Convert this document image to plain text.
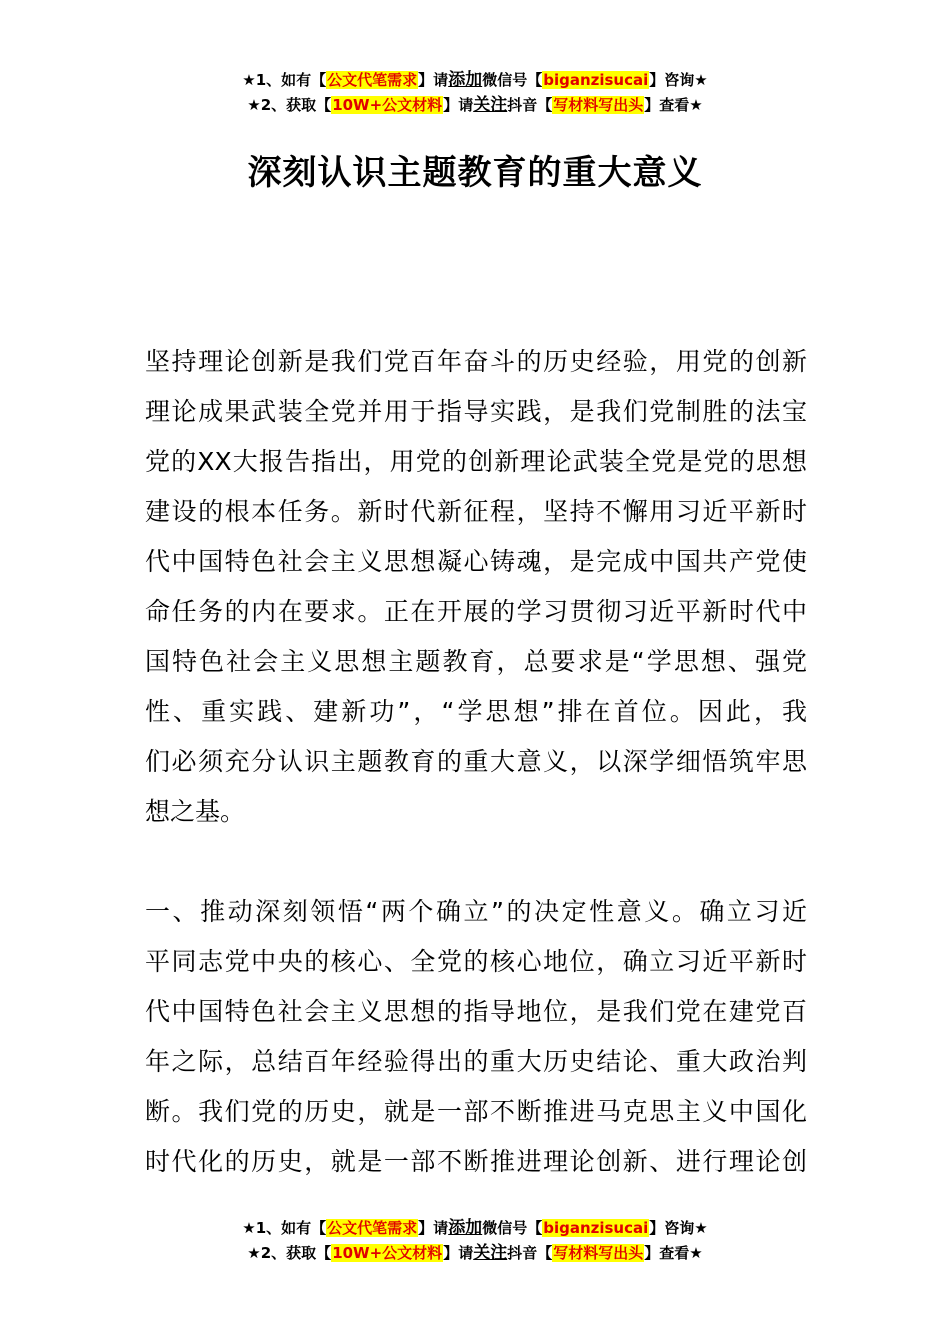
★1、如有【公文代笔需求】请添加微信号【biganzisucai】咨询★
★2、获取【10W+公文材料】请关注抖音【写材料写出头】查看★
深刻认识主题教育的重大意义
坚持理论创新是我们党百年奋斗的历史经验，用党的创新
理论成果武装全党并用于指导实践，是我们党制胜的法宝
党的XX大报告指出，用党的创新理论武装全党是党的思想
建设的根本任务。新时代新征程，坚持不懈用习近平新时
代中国特色社会主义思想凝心铸魂，是完成中国共产党使
命任务的内在要求。正在开展的学习贯彻习近平新时代中
国特色社会主义思想主题教育，总要求是“学思想、强党
性、重实践、建新功”，“学思想”排在首位。因此，我
们必须充分认识主题教育的重大意义，以深学细悟筑牢思
想之基。
一、推动深刻领悟“两个确立”的决定性意义。确立习近
平同志党中央的核心、全党的核心地位，确立习近平新时
代中国特色社会主义思想的指导地位，是我们党在建党百
年之际，总结百年经验得出的重大历史结论、重大政治判
断。我们党的历史，就是一部不断推进马克思主义中国化
时代化的历史，就是一部不断推进理论创新、进行理论创
★1、如有【公文代笔需求】请添加微信号【biganzisucai】咨询★
★2、获取【10W+公文材料】请关注抖音【写材料写出头】查看★
